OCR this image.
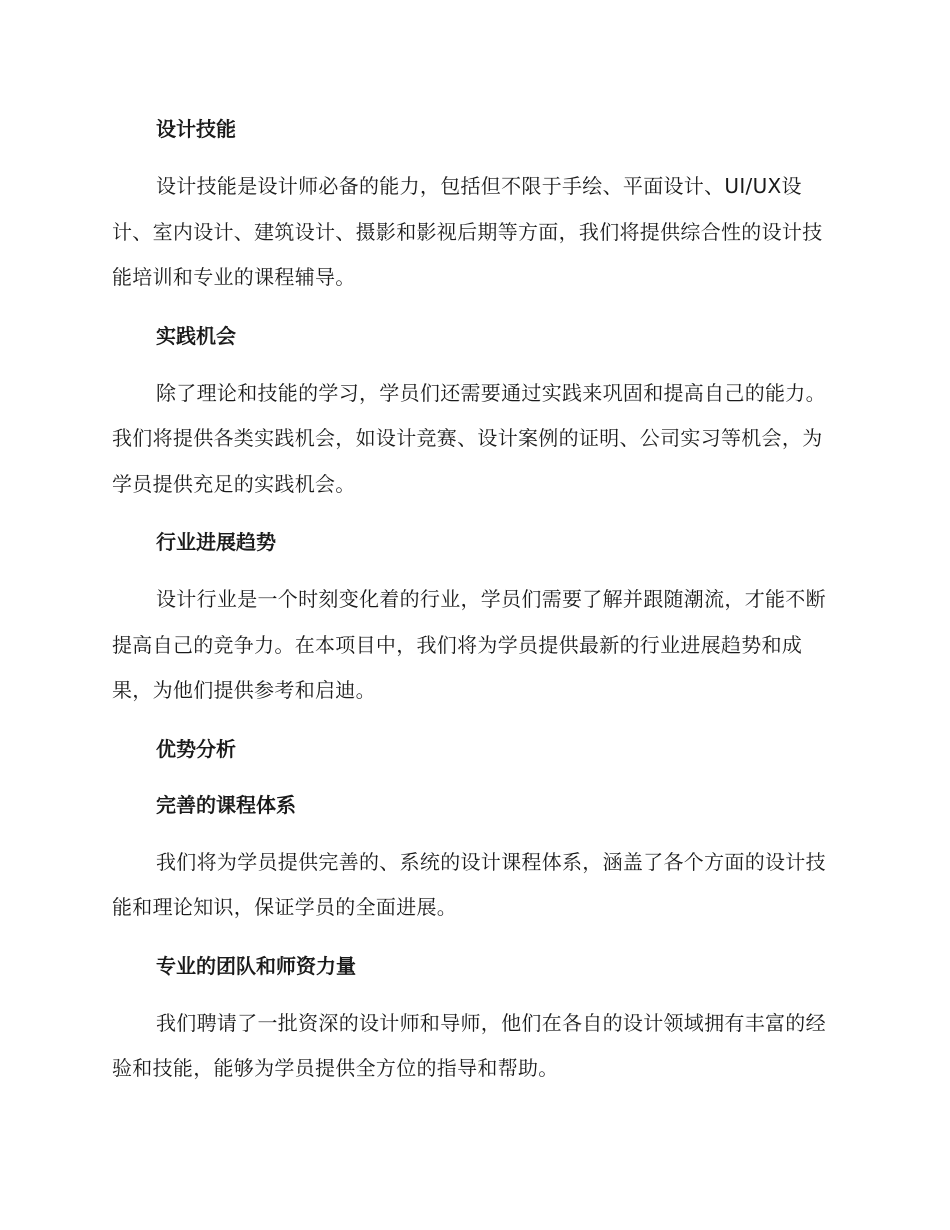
设计技能

设计技能是设计师必备的能力，包括但不限于手绘、平面设计、UI/UX设计、室内设计、建筑设计、摄影和影视后期等方面，我们将提供综合性的设计技能培训和专业的课程辅导。

实践机会

除了理论和技能的学习，学员们还需要通过实践来巩固和提高自己的能力。我们将提供各类实践机会，如设计竞赛、设计案例的证明、公司实习等机会，为学员提供充足的实践机会。

行业进展趋势

设计行业是一个时刻变化着的行业，学员们需要了解并跟随潮流，才能不断提高自己的竞争力。在本项目中，我们将为学员提供最新的行业进展趋势和成果，为他们提供参考和启迪。

优势分析
完善的课程体系

我们将为学员提供完善的、系统的设计课程体系，涵盖了各个方面的设计技能和理论知识，保证学员的全面进展。

专业的团队和师资力量

我们聘请了一批资深的设计师和导师，他们在各自的设计领域拥有丰富的经验和技能，能够为学员提供全方位的指导和帮助。
